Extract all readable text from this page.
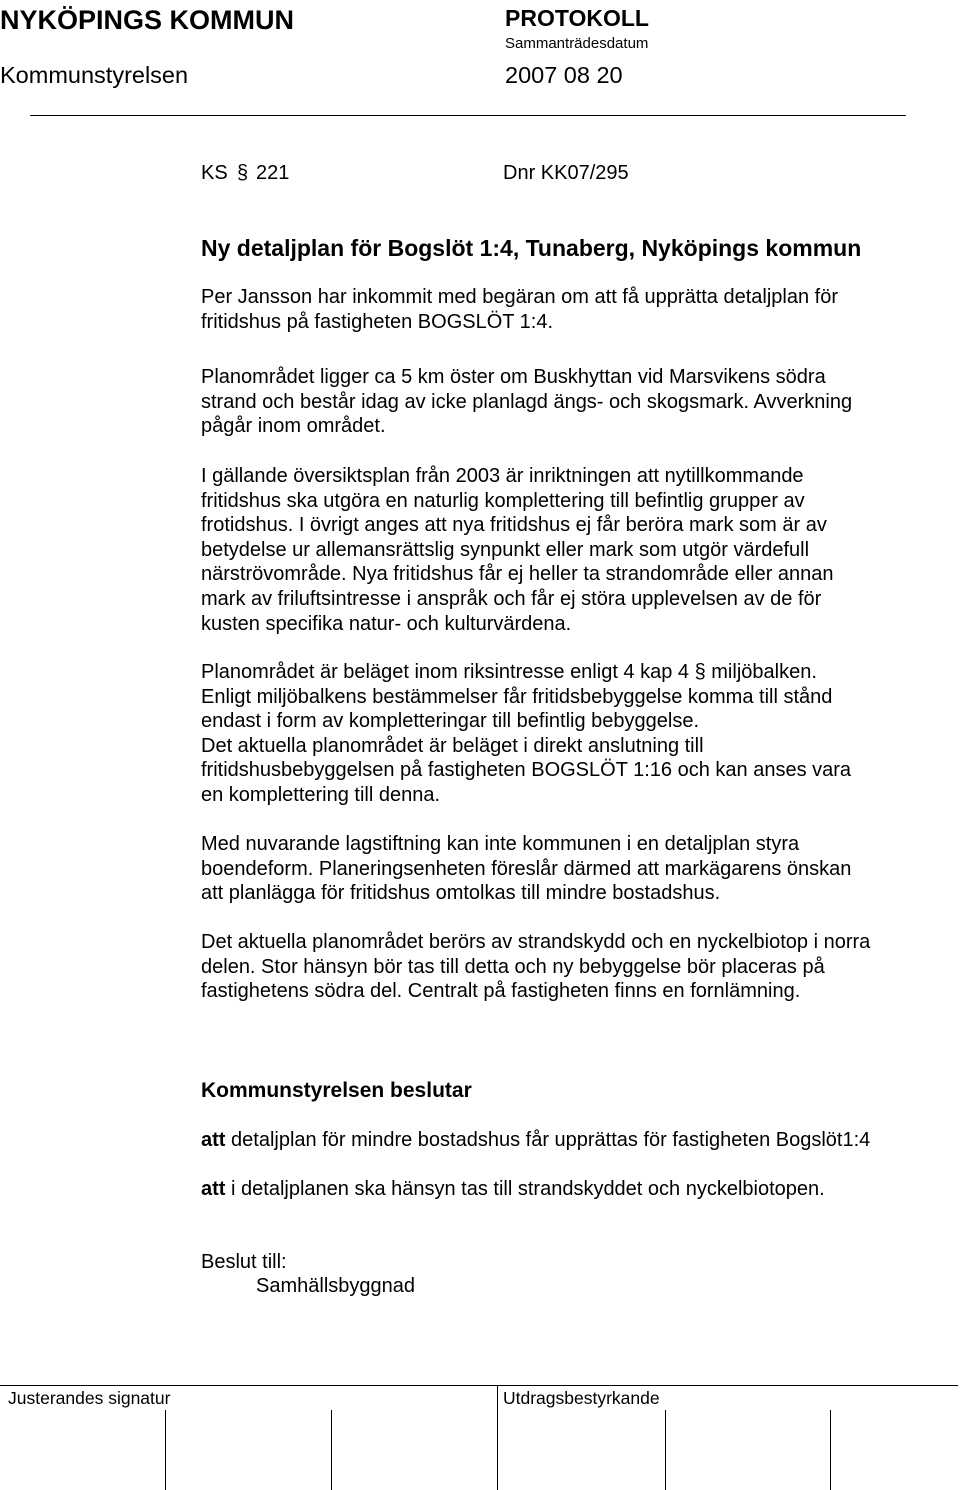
NYKÖPINGS KOMMUN	PROTOKOLL
Sammanträdesdatum
Kommunstyrelsen	2007 08 20
KS § 221	Dnr KK07/295
Ny detaljplan för Bogslöt 1:4, Tunaberg, Nyköpings kommun
Per Jansson har inkommit med begäran om att få upprätta detaljplan för
fritidshus på fastigheten BOGSLÖT 1:4.
Planområdet ligger ca 5 km öster om Buskhyttan vid Marsvikens södra
strand och består idag av icke planlagd ängs- och skogsmark. Avverkning
pågår inom området.
I gällande översiktsplan från 2003 är inriktningen att nytillkommande
fritidshus ska utgöra en naturlig komplettering till befintlig grupper av
frotidshus. I övrigt anges att nya fritidshus ej får beröra mark som är av
betydelse ur allemansrättslig synpunkt eller mark som utgör värdefull
närströvområde. Nya fritidshus får ej heller ta strandområde eller annan
mark av friluftsintresse i anspråk och får ej störa upplevelsen av de för
kusten specifika natur- och kulturvärdena.
Planområdet är beläget inom riksintresse enligt 4 kap 4 § miljöbalken.
Enligt miljöbalkens bestämmelser får fritidsbebyggelse komma till stånd
endast i form av kompletteringar till befintlig bebyggelse.
Det aktuella planområdet är beläget i direkt anslutning till
fritidshusbebyggelsen på fastigheten BOGSLÖT 1:16 och kan anses vara
en komplettering till denna.
Med nuvarande lagstiftning kan inte kommunen i en detaljplan styra
boendeform. Planeringsenheten föreslår därmed att markägarens önskan
att planlägga för fritidshus omtolkas till mindre bostadshus.
Det aktuella planområdet berörs av strandskydd och en nyckelbiotop i norra
delen. Stor hänsyn bör tas till detta och ny bebyggelse bör placeras på
fastighetens södra del. Centralt på fastigheten finns en fornlämning.
Kommunstyrelsen beslutar
att detaljplan för mindre bostadshus får upprättas för fastigheten Bogslöt1:4
att i detaljplanen ska hänsyn tas till strandskyddet och nyckelbiotopen.
Beslut till:
Samhällsbyggnad
Justerandes signatur	Utdragsbestyrkande
